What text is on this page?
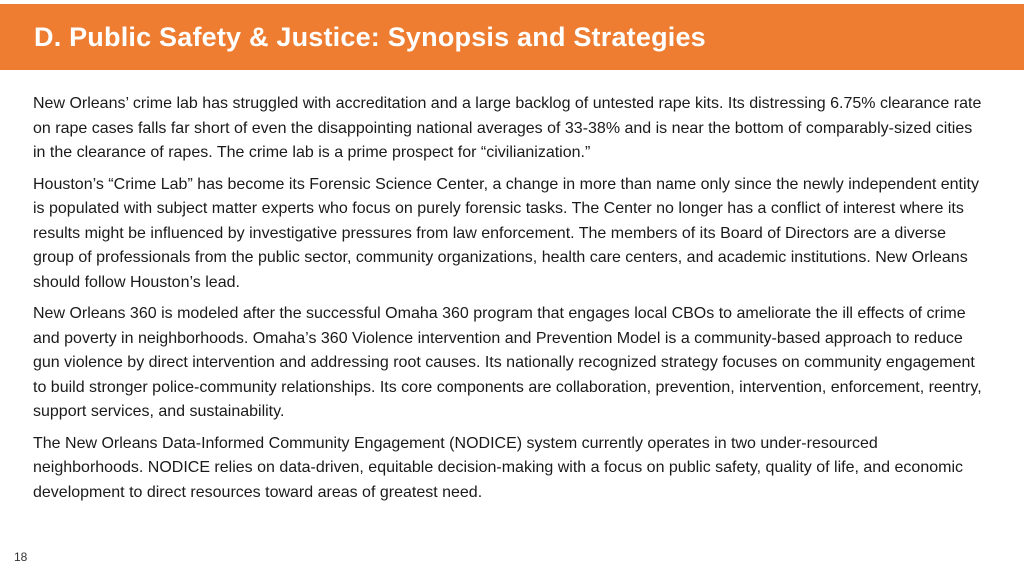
D. Public Safety & Justice: Synopsis and Strategies

New Orleans’ crime lab has struggled with accreditation and a large backlog of untested rape kits. Its distressing 6.75% clearance rate on rape cases falls far short of even the disappointing national averages of 33-38% and is near the bottom of comparably-sized cities in the clearance of rapes. The crime lab is a prime prospect for “civilianization.”

Houston’s “Crime Lab” has become its Forensic Science Center, a change in more than name only since the newly independent entity is populated with subject matter experts who focus on purely forensic tasks. The Center no longer has a conflict of interest where its results might be influenced by investigative pressures from law enforcement. The members of its Board of Directors are a diverse group of professionals from the public sector, community organizations, health care centers, and academic institutions. New Orleans should follow Houston’s lead.

New Orleans 360 is modeled after the successful Omaha 360 program that engages local CBOs to ameliorate the ill effects of crime and poverty in neighborhoods. Omaha’s 360 Violence intervention and Prevention Model is a community-based approach to reduce gun violence by direct intervention and addressing root causes. Its nationally recognized strategy focuses on community engagement to build stronger police-community relationships. Its core components are collaboration, prevention, intervention, enforcement, reentry, support services, and sustainability.

The New Orleans Data-Informed Community Engagement (NODICE) system currently operates in two under-resourced neighborhoods. NODICE relies on data-driven, equitable decision-making with a focus on public safety, quality of life, and economic development to direct resources toward areas of greatest need.

18
